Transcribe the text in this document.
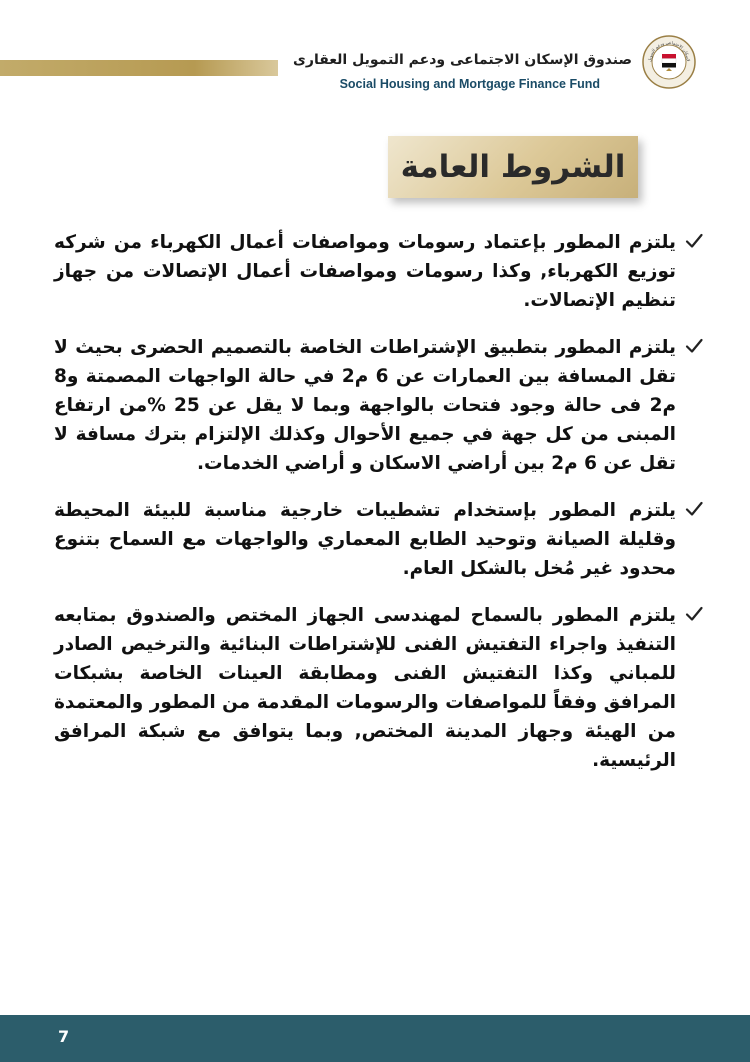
صندوق الإسكان الاجتماعى ودعم التمويل العقارى
Social Housing and Mortgage Finance Fund
لإسكان الاجتماعي ودعم التمويل
الشروط العامة
يلتزم المطور بإعتماد رسومات ومواصفات أعمال الكهرباء من شركه توزيع الكهرباء, وكذا رسومات ومواصفات أعمال الإتصالات من جهاز تنظيم الإتصالات.
يلتزم المطور بتطبيق الإشتراطات الخاصة بالتصميم الحضرى بحيث لا تقل المسافة بين العمارات عن 6 م2 في حالة الواجهات المصمتة و8 م2 فى حالة وجود فتحات بالواجهة وبما لا يقل عن 25 %من ارتفاع المبنى من كل جهة في جميع الأحوال وكذلك الإلتزام بترك مسافة لا تقل عن 6 م2 بين أراضي الاسكان و أراضي الخدمات.
يلتزم المطور بإستخدام تشطيبات خارجية مناسبة للبيئة المحيطة وقليلة الصيانة وتوحيد الطابع المعماري والواجهات مع السماح بتنوع محدود غير مُخل بالشكل العام.
يلتزم المطور بالسماح لمهندسى الجهاز المختص والصندوق بمتابعه التنفيذ واجراء التفتيش الفنى للإشتراطات البنائية والترخيص الصادر للمباني وكذا التفتيش الفنى ومطابقة العينات الخاصة بشبكات المرافق وفقاً للمواصفات والرسومات المقدمة من المطور والمعتمدة من الهيئة وجهاز المدينة المختص, وبما يتوافق مع شبكة المرافق الرئيسية.
7
